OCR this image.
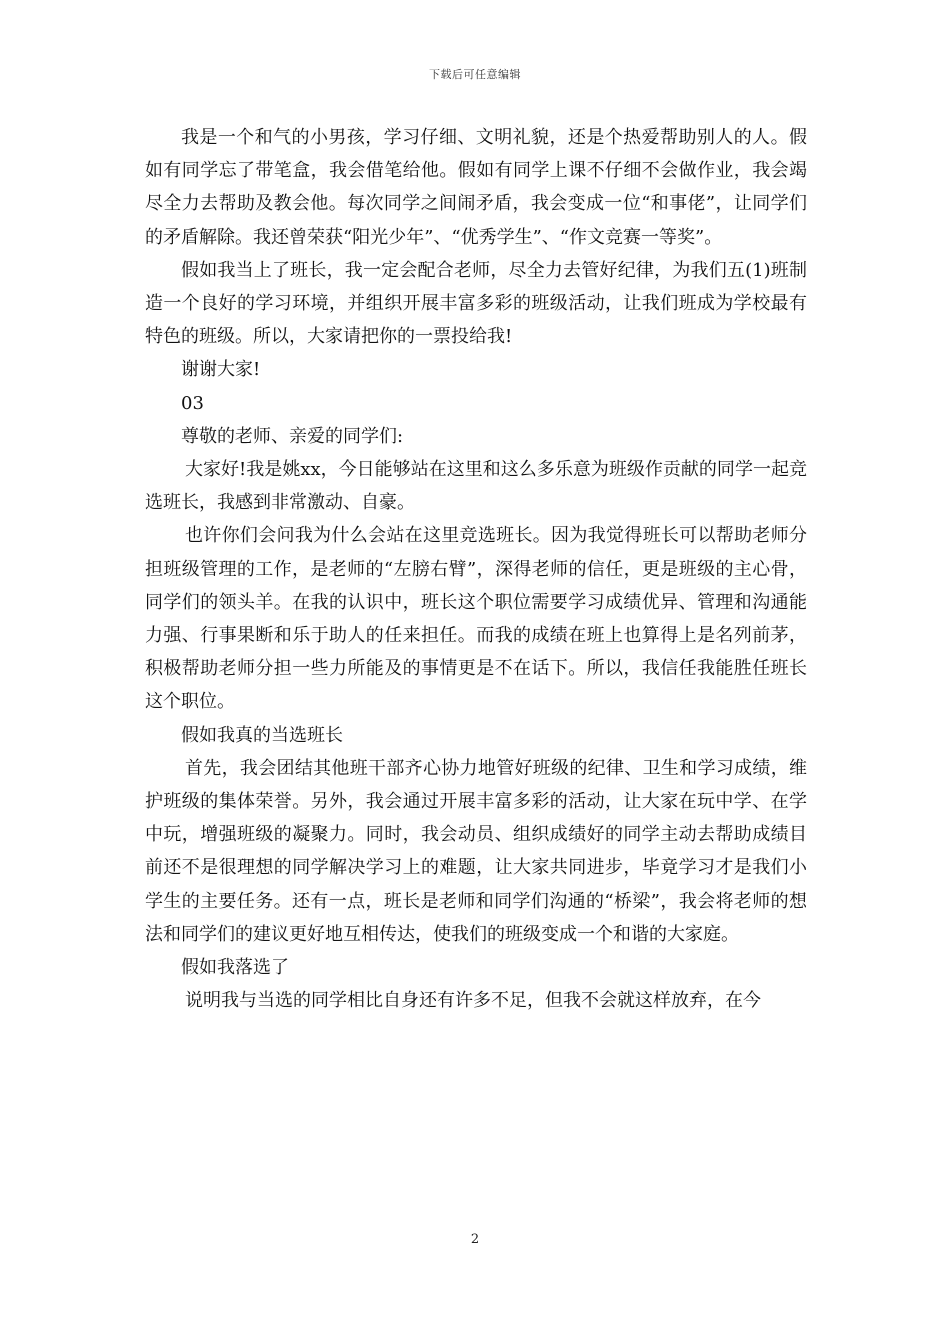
下载后可任意编辑

我是一个和气的小男孩，学习仔细、文明礼貌，还是个热爱帮助别人的人。假如有同学忘了带笔盒，我会借笔给他。假如有同学上课不仔细不会做作业，我会竭尽全力去帮助及教会他。每次同学之间闹矛盾，我会变成一位“和事佬”，让同学们的矛盾解除。我还曾荣获“阳光少年”、“优秀学生”、“作文竞赛一等奖”。

假如我当上了班长，我一定会配合老师，尽全力去管好纪律，为我们五(1)班制造一个良好的学习环境，并组织开展丰富多彩的班级活动，让我们班成为学校最有特色的班级。所以，大家请把你的一票投给我!

谢谢大家!

03

尊敬的老师、亲爱的同学们:

大家好!我是姚xx，今日能够站在这里和这么多乐意为班级作贡献的同学一起竞选班长，我感到非常激动、自豪。

也许你们会问我为什么会站在这里竞选班长。因为我觉得班长可以帮助老师分担班级管理的工作，是老师的“左膀右臂”，深得老师的信任，更是班级的主心骨，同学们的领头羊。在我的认识中，班长这个职位需要学习成绩优异、管理和沟通能力强、行事果断和乐于助人的任来担任。而我的成绩在班上也算得上是名列前茅，积极帮助老师分担一些力所能及的事情更是不在话下。所以，我信任我能胜任班长这个职位。

假如我真的当选班长

首先，我会团结其他班干部齐心协力地管好班级的纪律、卫生和学习成绩，维护班级的集体荣誉。另外，我会通过开展丰富多彩的活动，让大家在玩中学、在学中玩，增强班级的凝聚力。同时，我会动员、组织成绩好的同学主动去帮助成绩目前还不是很理想的同学解决学习上的难题，让大家共同进步，毕竟学习才是我们小学生的主要任务。还有一点，班长是老师和同学们沟通的“桥梁”，我会将老师的想法和同学们的建议更好地互相传达，使我们的班级变成一个和谐的大家庭。

假如我落选了

说明我与当选的同学相比自身还有许多不足，但我不会就这样放弃，在今

2
